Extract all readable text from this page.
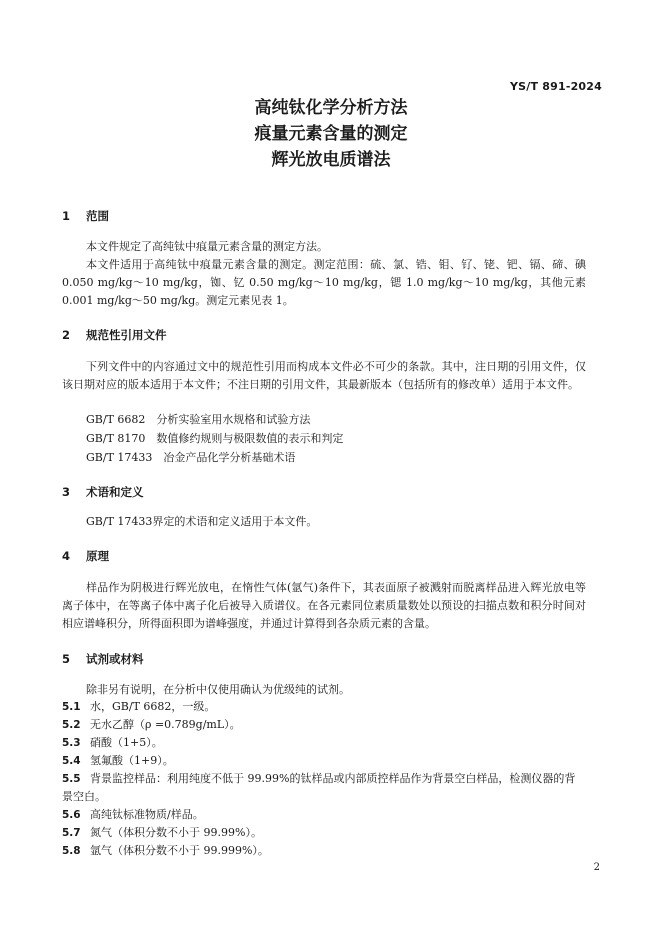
YS/T 891-2024
高纯钛化学分析方法
痕量元素含量的测定
辉光放电质谱法
1 范围
本文件规定了高纯钛中痕量元素含量的测定方法。
本文件适用于高纯钛中痕量元素含量的测定。测定范围：硫、氯、锆、钼、钌、铑、钯、镉、碲、碘 0.050 mg/kg～10 mg/kg，铷、钇 0.50 mg/kg～10 mg/kg，锶 1.0 mg/kg～10 mg/kg，其他元素 0.001 mg/kg～50 mg/kg。测定元素见表 1。
2 规范性引用文件
下列文件中的内容通过文中的规范性引用而构成本文件必不可少的条款。其中，注日期的引用文件，仅该日期对应的版本适用于本文件；不注日期的引用文件，其最新版本（包括所有的修改单）适用于本文件。
GB/T 6682　分析实验室用水规格和试验方法
GB/T 8170　数值修约规则与极限数值的表示和判定
GB/T 17433　冶金产品化学分析基础术语
3 术语和定义
GB/T 17433界定的术语和定义适用于本文件。
4 原理
样品作为阴极进行辉光放电，在惰性气体(氩气)条件下，其表面原子被溅射而脱离样品进入辉光放电等离子体中，在等离子体中离子化后被导入质谱仪。在各元素同位素质量数处以预设的扫描点数和积分时间对相应谱峰积分，所得面积即为谱峰强度，并通过计算得到各杂质元素的含量。
5 试剂或材料
除非另有说明，在分析中仅使用确认为优级纯的试剂。
5.1 水，GB/T 6682，一级。
5.2 无水乙醇（ρ =0.789g/mL）。
5.3 硝酸（1+5）。
5.4 氢氟酸（1+9）。
5.5 背景监控样品：利用纯度不低于 99.99%的钛样品或内部质控样品作为背景空白样品，检测仪器的背景空白。
5.6 高纯钛标准物质/样品。
5.7 氮气（体积分数不小于 99.99%）。
5.8 氩气（体积分数不小于 99.999%）。
2
